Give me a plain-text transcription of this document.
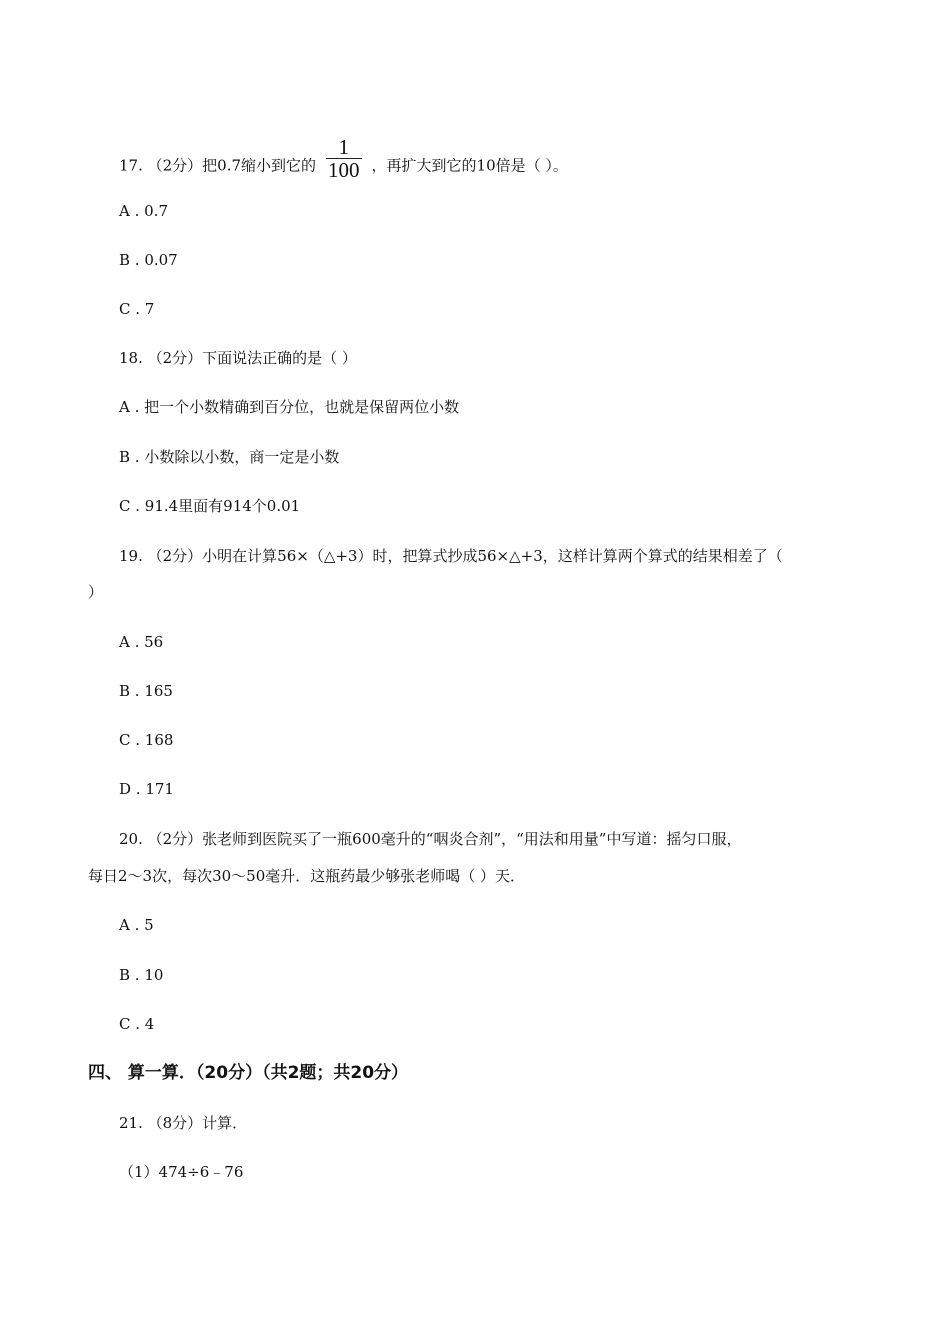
17. （2分）把0.7缩小到它的 $\frac{1}{100}$ ，再扩大到它的10倍是（ ）。
A . 0.7
B . 0.07
C . 7
18. （2分）下面说法正确的是（ ）
A . 把一个小数精确到百分位，也就是保留两位小数
B . 小数除以小数，商一定是小数
C . 91.4里面有914个0.01
19. （2分）小明在计算56×（△+3）时，把算式抄成56×△+3，这样计算两个算式的结果相差了（
）
A . 56
B . 165
C . 168
D . 171
20. （2分）张老师到医院买了一瓶600毫升的“咽炎合剂”，“用法和用量”中写道：摇匀口服，
每日2～3次，每次30～50毫升．这瓶药最少够张老师喝（ ）天．
A . 5
B . 10
C . 4
四、 算一算．（20分）（共2题；共20分）
21. （8分）计算．
（1）474÷6﹣76
